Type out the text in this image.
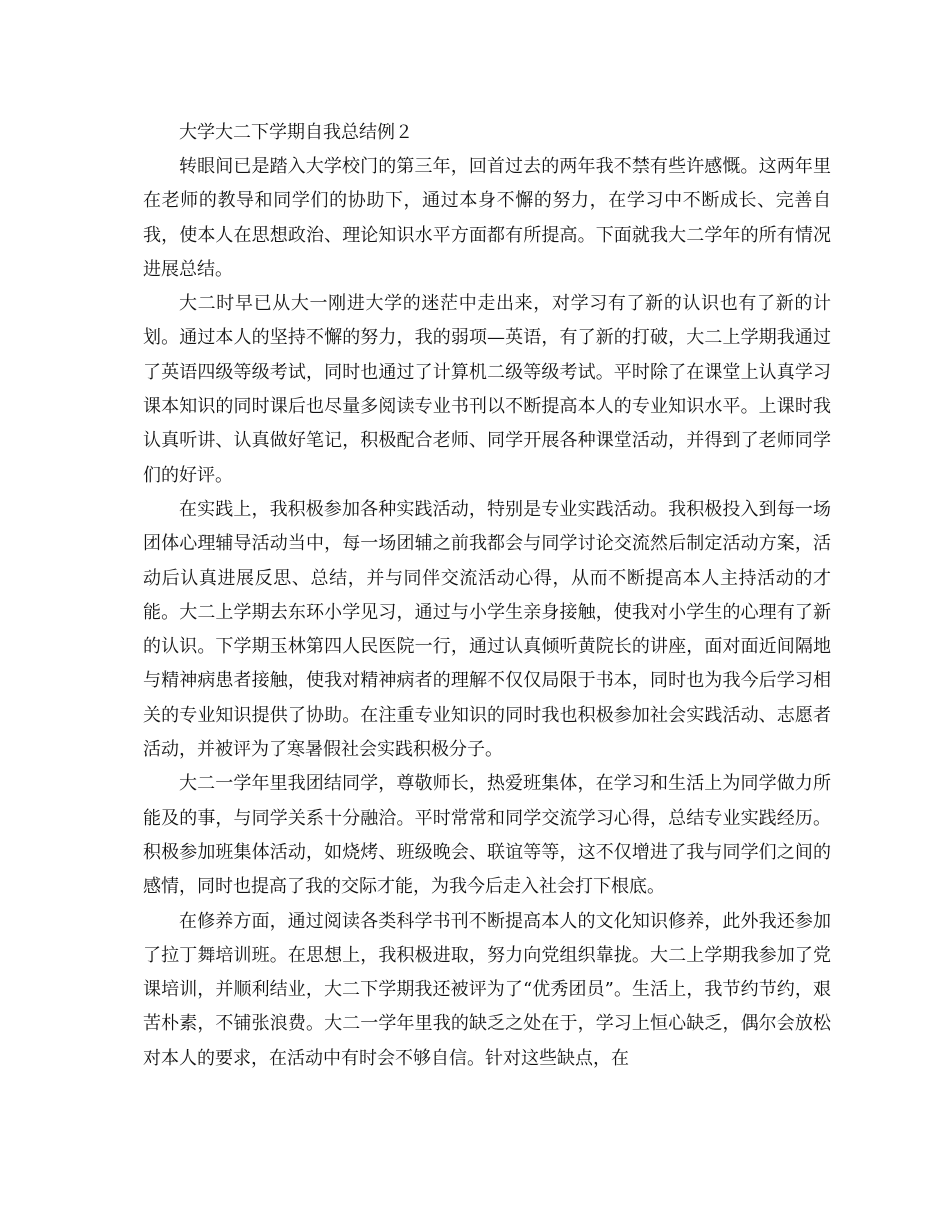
大学大二下学期自我总结例２

转眼间已是踏入大学校门的第三年，回首过去的两年我不禁有些许感慨。这两年里在老师的教导和同学们的协助下，通过本身不懈的努力，在学习中不断成长、完善自我，使本人在思想政治、理论知识水平方面都有所提高。下面就我大二学年的所有情况进展总结。

大二时早已从大一刚进大学的迷茫中走出来，对学习有了新的认识也有了新的计划。通过本人的坚持不懈的努力，我的弱项—英语，有了新的打破，大二上学期我通过了英语四级等级考试，同时也通过了计算机二级等级考试。平时除了在课堂上认真学习课本知识的同时课后也尽量多阅读专业书刊以不断提高本人的专业知识水平。上课时我认真听讲、认真做好笔记，积极配合老师、同学开展各种课堂活动，并得到了老师同学们的好评。

在实践上，我积极参加各种实践活动，特别是专业实践活动。我积极投入到每一场团体心理辅导活动当中，每一场团辅之前我都会与同学讨论交流然后制定活动方案，活动后认真进展反思、总结，并与同伴交流活动心得，从而不断提高本人主持活动的才能。大二上学期去东环小学见习，通过与小学生亲身接触，使我对小学生的心理有了新的认识。下学期玉林第四人民医院一行，通过认真倾听黄院长的讲座，面对面近间隔地与精神病患者接触，使我对精神病者的理解不仅仅局限于书本，同时也为我今后学习相关的专业知识提供了协助。在注重专业知识的同时我也积极参加社会实践活动、志愿者活动，并被评为了寒暑假社会实践积极分子。

大二一学年里我团结同学，尊敬师长，热爱班集体，在学习和生活上为同学做力所能及的事，与同学关系十分融洽。平时常常和同学交流学习心得，总结专业实践经历。积极参加班集体活动，如烧烤、班级晚会、联谊等等，这不仅增进了我与同学们之间的感情，同时也提高了我的交际才能，为我今后走入社会打下根底。

在修养方面，通过阅读各类科学书刊不断提高本人的文化知识修养，此外我还参加了拉丁舞培训班。在思想上，我积极进取，努力向党组织靠拢。大二上学期我参加了党课培训，并顺利结业，大二下学期我还被评为了“优秀团员”。生活上，我节约节约，艰苦朴素，不铺张浪费。大二一学年里我的缺乏之处在于，学习上恒心缺乏，偶尔会放松对本人的要求，在活动中有时会不够自信。针对这些缺点，在
